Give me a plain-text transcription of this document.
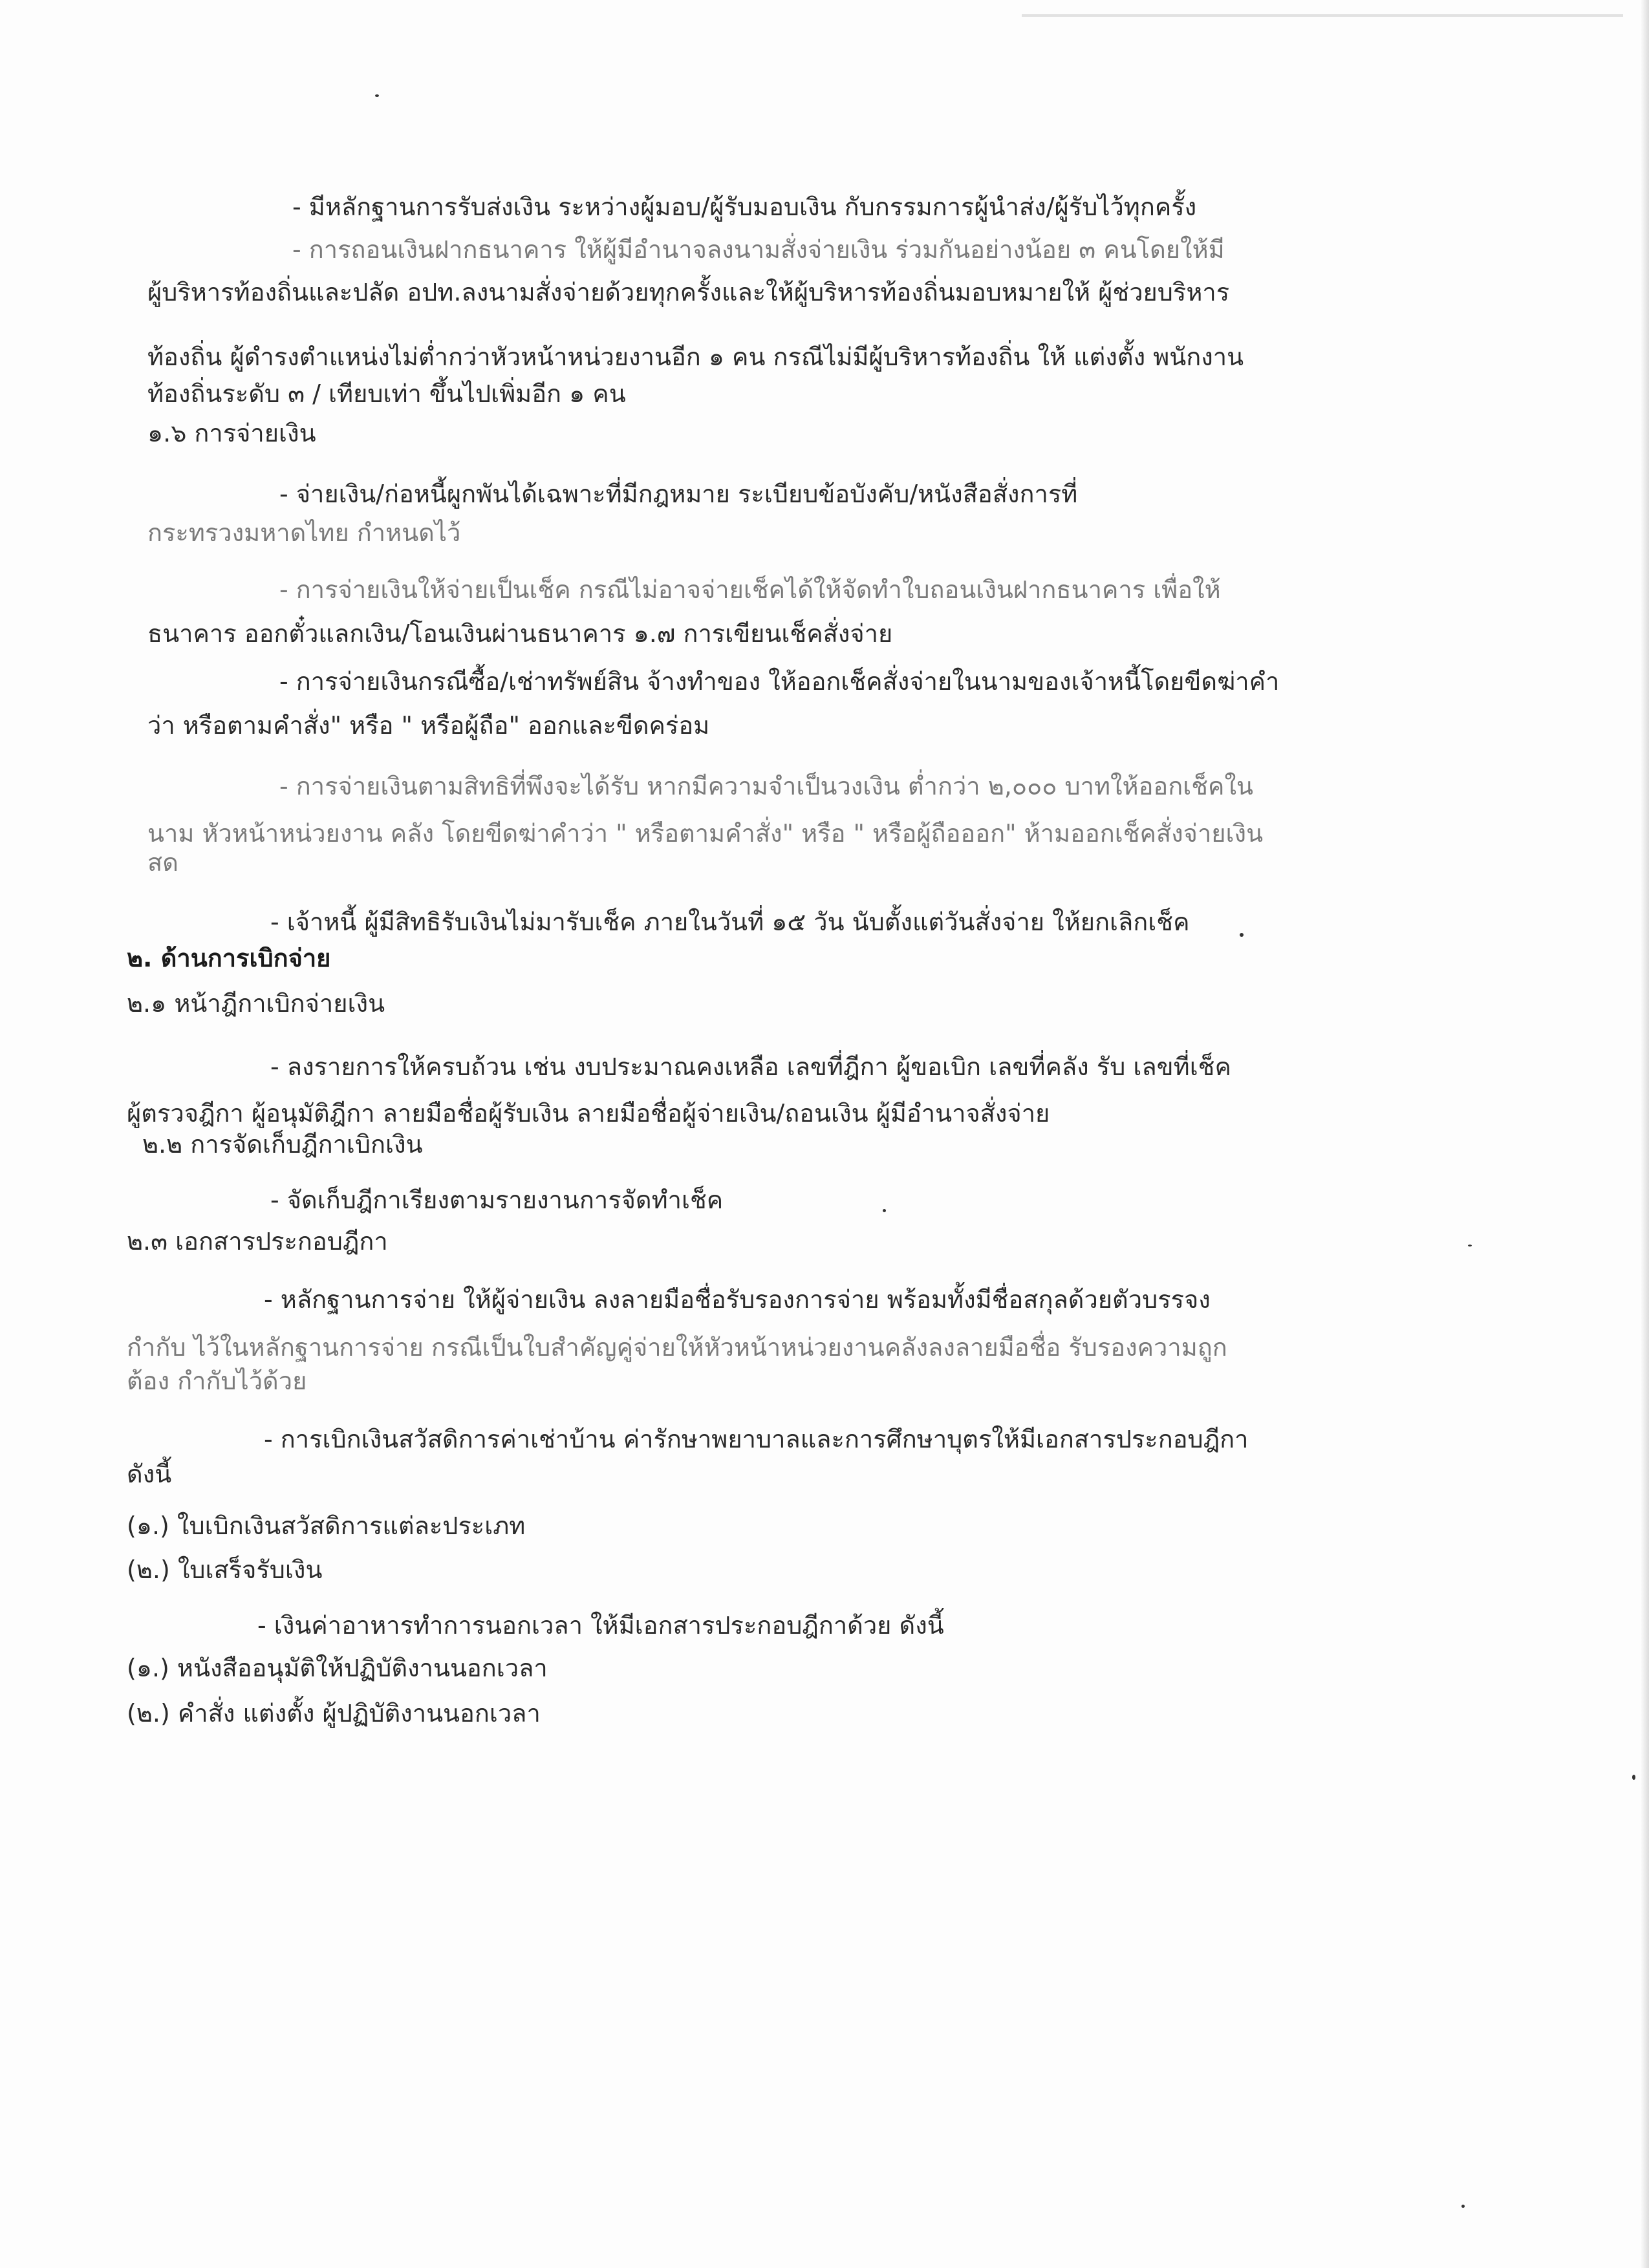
- มีหลักฐานการรับส่งเงิน ระหว่างผู้มอบ/ผู้รับมอบเงิน กับกรรมการผู้นำส่ง/ผู้รับไว้ทุกครั้ง
- การถอนเงินฝากธนาคาร ให้ผู้มีอำนาจลงนามสั่งจ่ายเงิน ร่วมกันอย่างน้อย ๓ คนโดยให้มี
ผู้บริหารท้องถิ่นและปลัด อปท.ลงนามสั่งจ่ายด้วยทุกครั้งและให้ผู้บริหารท้องถิ่นมอบหมายให้ ผู้ช่วยบริหาร
ท้องถิ่น ผู้ดำรงตำแหน่งไม่ต่ำกว่าหัวหน้าหน่วยงานอีก ๑ คน กรณีไม่มีผู้บริหารท้องถิ่น ให้ แต่งตั้ง พนักงาน
ท้องถิ่นระดับ ๓ / เทียบเท่า ขึ้นไปเพิ่มอีก ๑ คน
๑.๖ การจ่ายเงิน
- จ่ายเงิน/ก่อหนี้ผูกพันได้เฉพาะที่มีกฎหมาย ระเบียบข้อบังคับ/หนังสือสั่งการที่
กระทรวงมหาดไทย กำหนดไว้
- การจ่ายเงินให้จ่ายเป็นเช็ค กรณีไม่อาจจ่ายเช็คได้ให้จัดทำใบถอนเงินฝากธนาคาร เพื่อให้
ธนาคาร ออกตั๋วแลกเงิน/โอนเงินผ่านธนาคาร ๑.๗ การเขียนเช็คสั่งจ่าย
- การจ่ายเงินกรณีซื้อ/เช่าทรัพย์สิน จ้างทำของ ให้ออกเช็คสั่งจ่ายในนามของเจ้าหนี้โดยขีดฆ่าคำ
ว่า หรือตามคำสั่ง" หรือ " หรือผู้ถือ" ออกและขีดคร่อม
- การจ่ายเงินตามสิทธิที่พึงจะได้รับ หากมีความจำเป็นวงเงิน ต่ำกว่า ๒,๐๐๐ บาทให้ออกเช็คใน
นาม หัวหน้าหน่วยงาน คลัง โดยขีดฆ่าคำว่า " หรือตามคำสั่ง" หรือ " หรือผู้ถือออก" ห้ามออกเช็คสั่งจ่ายเงิน
สด
- เจ้าหนี้ ผู้มีสิทธิรับเงินไม่มารับเช็ค ภายในวันที่ ๑๕ วัน นับตั้งแต่วันสั่งจ่าย ให้ยกเลิกเช็ค
๒. ด้านการเบิกจ่าย
๒.๑ หน้าฎีกาเบิกจ่ายเงิน
- ลงรายการให้ครบถ้วน เช่น งบประมาณคงเหลือ เลขที่ฎีกา ผู้ขอเบิก เลขที่คลัง รับ เลขที่เช็ค
ผู้ตรวจฎีกา ผู้อนุมัติฎีกา ลายมือชื่อผู้รับเงิน ลายมือชื่อผู้จ่ายเงิน/ถอนเงิน ผู้มีอำนาจสั่งจ่าย
๒.๒ การจัดเก็บฎีกาเบิกเงิน
- จัดเก็บฎีกาเรียงตามรายงานการจัดทำเช็ค
๒.๓ เอกสารประกอบฎีกา
- หลักฐานการจ่าย ให้ผู้จ่ายเงิน ลงลายมือชื่อรับรองการจ่าย พร้อมทั้งมีชื่อสกุลด้วยตัวบรรจง
กำกับ ไว้ในหลักฐานการจ่าย กรณีเป็นใบสำคัญคู่จ่ายให้หัวหน้าหน่วยงานคลังลงลายมือชื่อ รับรองความถูก
ต้อง กำกับไว้ด้วย
- การเบิกเงินสวัสดิการค่าเช่าบ้าน ค่ารักษาพยาบาลและการศึกษาบุตรให้มีเอกสารประกอบฎีกา
ดังนี้
(๑.) ใบเบิกเงินสวัสดิการแต่ละประเภท
(๒.) ใบเสร็จรับเงิน
- เงินค่าอาหารทำการนอกเวลา ให้มีเอกสารประกอบฎีกาด้วย ดังนี้
(๑.) หนังสืออนุมัติให้ปฏิบัติงานนอกเวลา
(๒.) คำสั่ง แต่งตั้ง ผู้ปฏิบัติงานนอกเวลา
